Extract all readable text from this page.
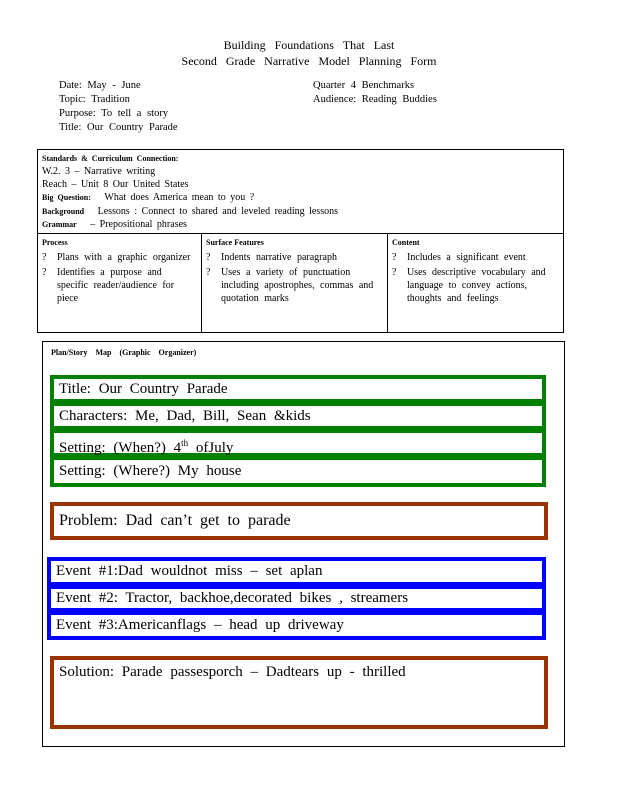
Building Foundations That Last
Second Grade Narrative Model Planning Form
Date: May - June
Topic: Tradition
Purpose: To tell a story
Title: Our Country Parade
Quarter 4 Benchmarks
Audience: Reading Buddies
Standards & Curriculum Connection:
W.2. 3 – Narrative writing
Reach – Unit 8 Our United States
Big Question: What does America mean to you ?
Background Lessons : Connect to shared and leveled reading lessons
Grammar – Prepositional phrases
Process
? Plans with a graphic organizer
? Identifies a purpose and specific reader/audience for piece
Surface Features
? Indents narrative paragraph
? Uses a variety of punctuation including apostrophes, commas and quotation marks
Content
? Includes a significant event
? Uses descriptive vocabulary and language to convey actions, thoughts and feelings
Plan/Story Map (Graphic Organizer)
Title: Our Country Parade
Characters: Me, Dad, Bill, Sean &kids
Setting: (When?) 4th ofJuly
Setting: (Where?) My house
Problem: Dad can’t get to parade
Event #1:Dad wouldnot miss – set aplan
Event #2: Tractor, backhoe,decorated bikes , streamers
Event #3:Americanflags – head up driveway
Solution: Parade passesporch – Dadtears up - thrilled
